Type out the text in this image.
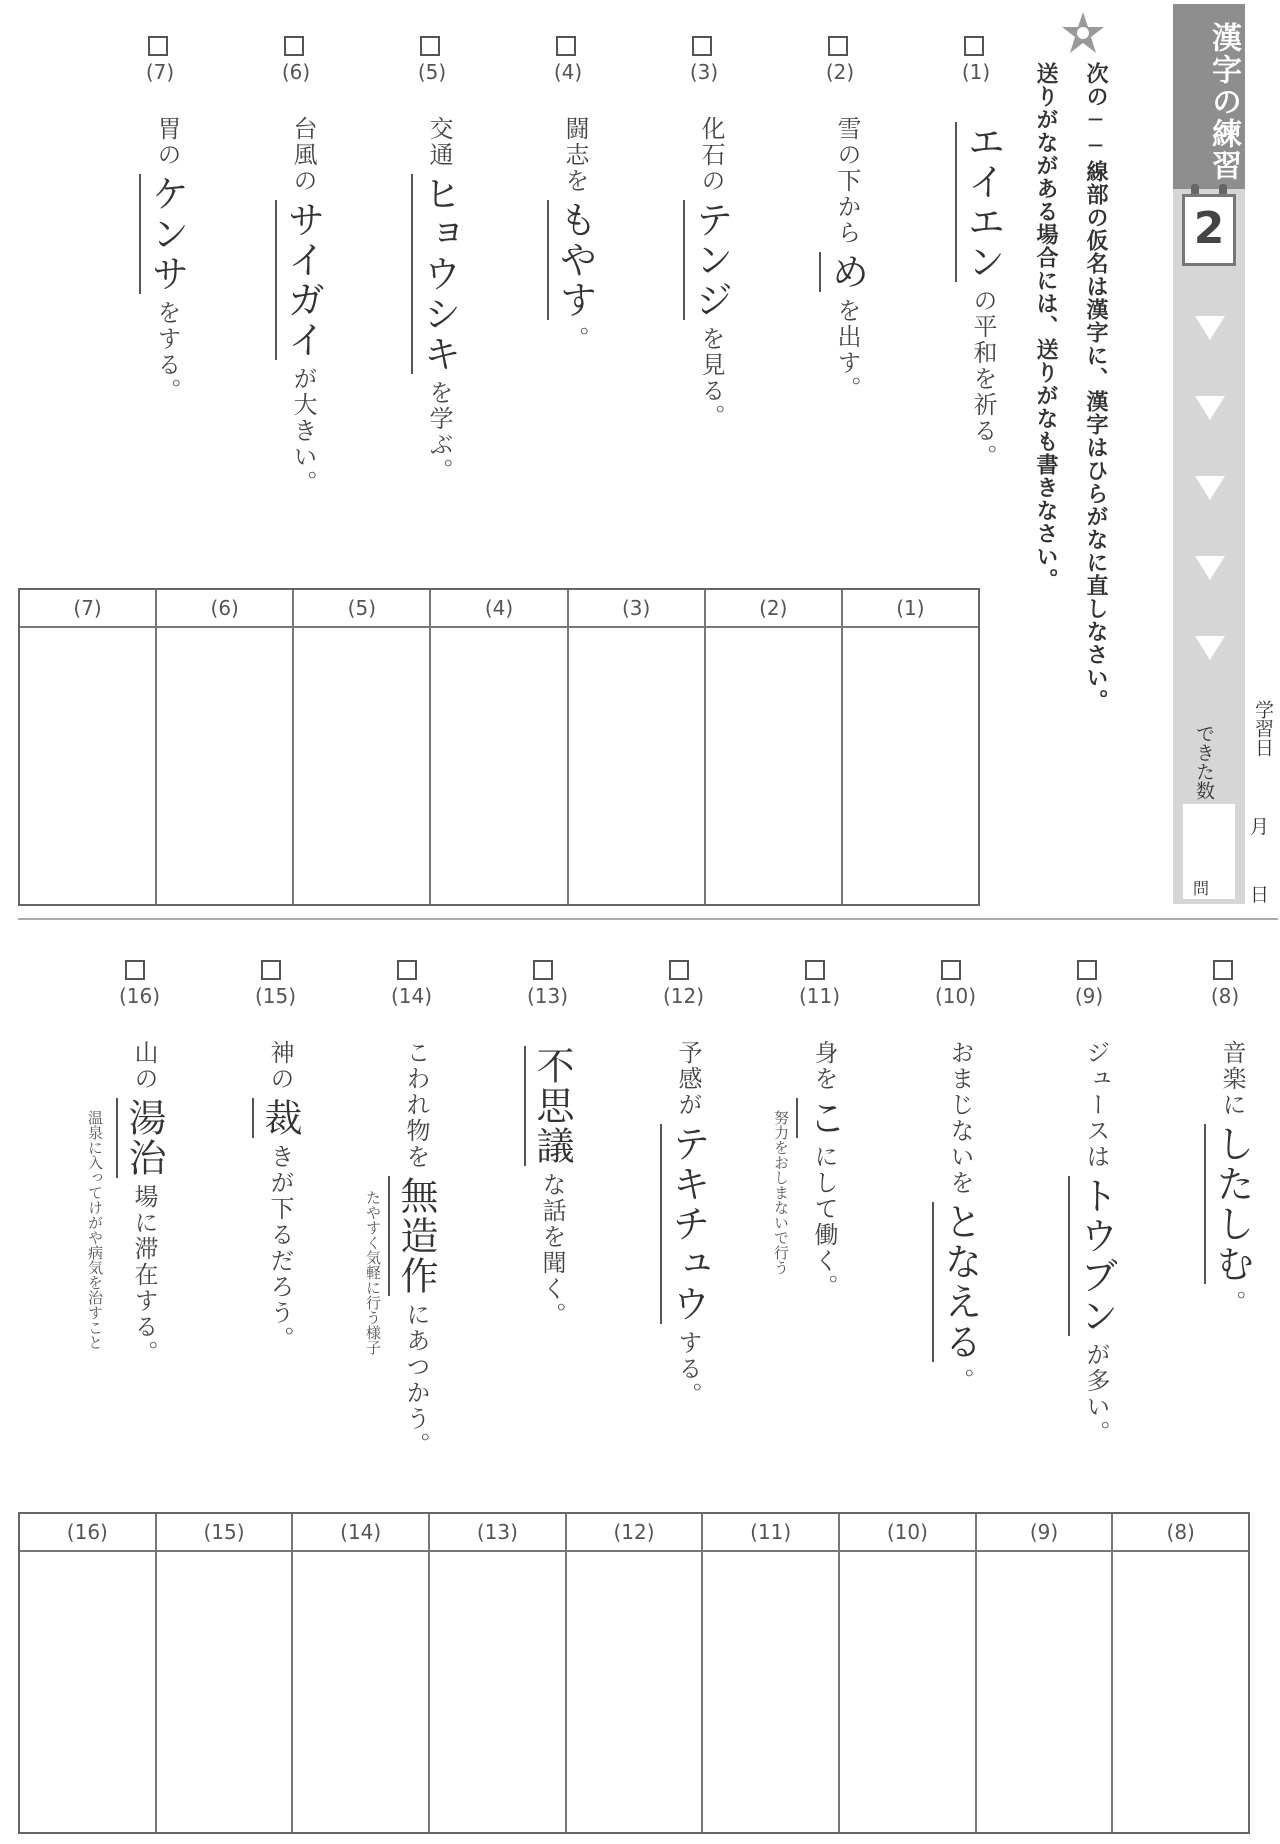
漢字の練習
2
できた数
問
学習日
月
日
次の──線部の仮名は漢字に、漢字はひらがなに直しなさい。
送りがながある場合には、送りがなも書きなさい。
(1)
エイエンの平和を祈る。
(2)
雪の下からめを出す。
(3)
化石のテンジを見る。
(4)
闘志をもやす。
(5)
交通ヒョウシキを学ぶ。
(6)
台風のサイガイが大きい。
(7)
胃のケンサをする。
(7)	(6)	(5)	(4)	(3)	(2)	(1)
(8)
音楽にしたしむ。
(9)
ジュースはトウブンが多い。
(10)
おまじないをとなえる。
(11)
身をこにして働く。
努力をおしまないで行う
(12)
予感がテキチュウする。
(13)
不思議な話を聞く。
(14)
こわれ物を無造作にあつかう。
たやすく気軽に行う様子
(15)
神の裁きが下るだろう。
(16)
山の湯治場に滞在する。
温泉に入ってけがや病気を治すこと
(16)	(15)	(14)	(13)	(12)	(11)	(10)	(9)	(8)
